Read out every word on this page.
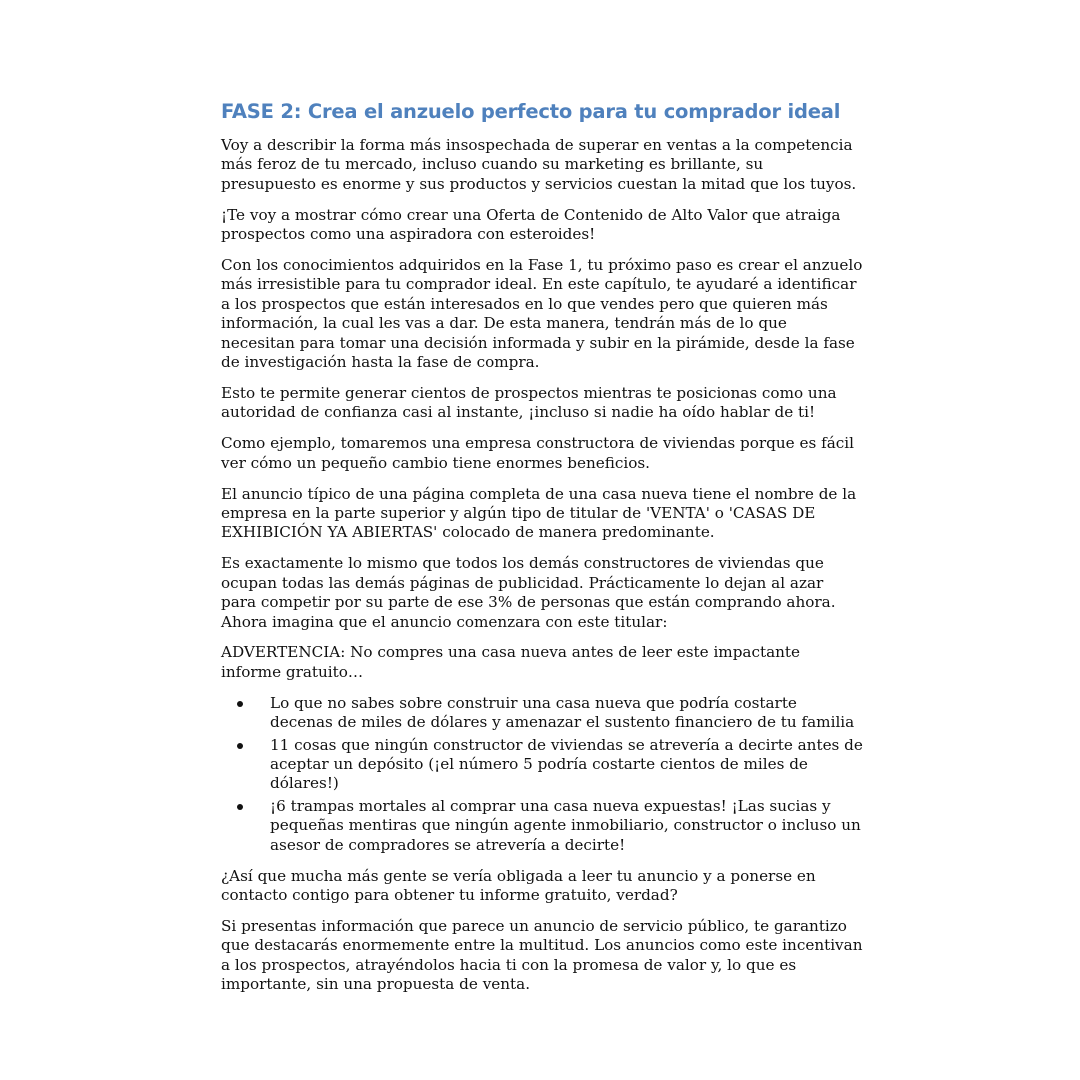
FASE 2: Crea el anzuelo perfecto para tu comprador ideal

Voy a describir la forma más insospechada de superar en ventas a la competencia más feroz de tu mercado, incluso cuando su marketing es brillante, su presupuesto es enorme y sus productos y servicios cuestan la mitad que los tuyos.

¡Te voy a mostrar cómo crear una Oferta de Contenido de Alto Valor que atraiga prospectos como una aspiradora con esteroides!

Con los conocimientos adquiridos en la Fase 1, tu próximo paso es crear el anzuelo más irresistible para tu comprador ideal. En este capítulo, te ayudaré a identificar a los prospectos que están interesados en lo que vendes pero que quieren más información, la cual les vas a dar. De esta manera, tendrán más de lo que necesitan para tomar una decisión informada y subir en la pirámide, desde la fase de investigación hasta la fase de compra.

Esto te permite generar cientos de prospectos mientras te posicionas como una autoridad de confianza casi al instante, ¡incluso si nadie ha oído hablar de ti!

Como ejemplo, tomaremos una empresa constructora de viviendas porque es fácil ver cómo un pequeño cambio tiene enormes beneficios.

El anuncio típico de una página completa de una casa nueva tiene el nombre de la empresa en la parte superior y algún tipo de titular de 'VENTA' o 'CASAS DE EXHIBICIÓN YA ABIERTAS' colocado de manera predominante.

Es exactamente lo mismo que todos los demás constructores de viviendas que ocupan todas las demás páginas de publicidad. Prácticamente lo dejan al azar para competir por su parte de ese 3% de personas que están comprando ahora. Ahora imagina que el anuncio comenzara con este titular:

ADVERTENCIA: No compres una casa nueva antes de leer este impactante informe gratuito…

Lo que no sabes sobre construir una casa nueva que podría costarte decenas de miles de dólares y amenazar el sustento financiero de tu familia
11 cosas que ningún constructor de viviendas se atrevería a decirte antes de aceptar un depósito (¡el número 5 podría costarte cientos de miles de dólares!)
¡6 trampas mortales al comprar una casa nueva expuestas! ¡Las sucias y pequeñas mentiras que ningún agente inmobiliario, constructor o incluso un asesor de compradores se atrevería a decirte!

¿Así que mucha más gente se vería obligada a leer tu anuncio y a ponerse en contacto contigo para obtener tu informe gratuito, verdad?

Si presentas información que parece un anuncio de servicio público, te garantizo que destacarás enormemente entre la multitud. Los anuncios como este incentivan a los prospectos, atrayéndolos hacia ti con la promesa de valor y, lo que es importante, sin una propuesta de venta.
